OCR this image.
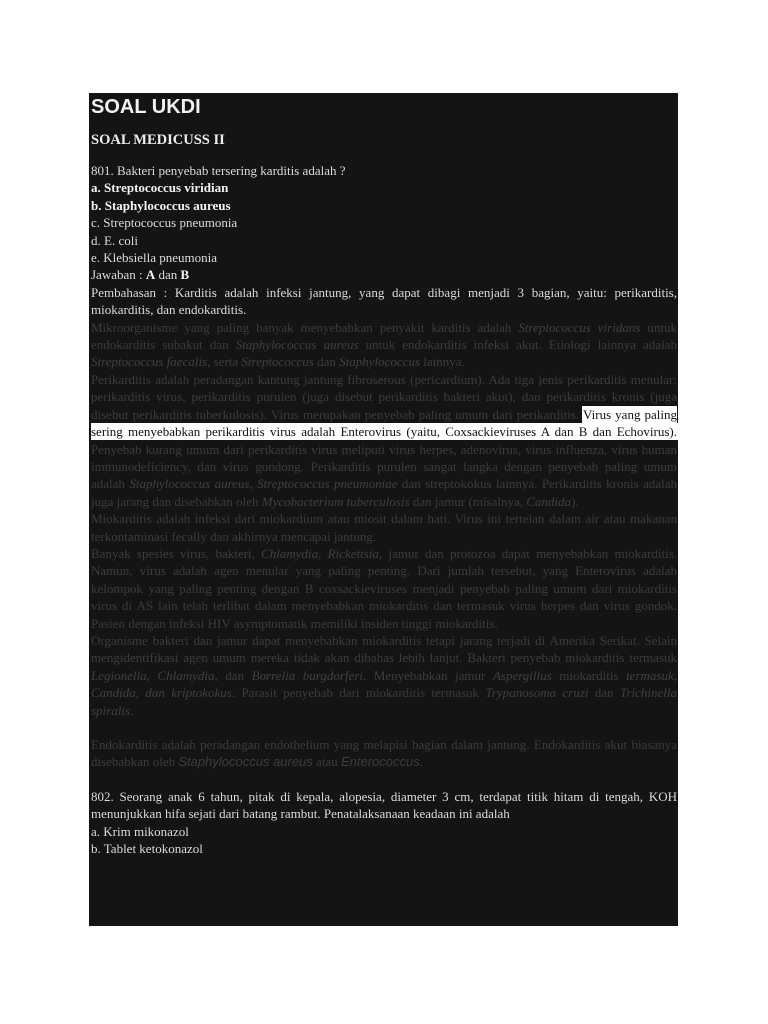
SOAL UKDI
SOAL MEDICUSS II

801. Bakteri penyebab tersering karditis adalah ?

a. Streptococcus viridian

b. Staphylococcus aureus

c. Streptococcus pneumonia

d. E. coli

e. Klebsiella pneumonia

Jawaban : A dan B

Pembahasan : Karditis adalah infeksi jantung, yang dapat dibagi menjadi 3 bagian, yaitu: perikarditis, miokarditis, dan endokarditis.

Mikroorganisme yang paling banyak menyebabkan penyakit karditis adalah Streptococcus viridans untuk endokarditis subakut dan Staphylococcus aureus untuk endokarditis infeksi akut. Etiologi lainnya adalah Streptococcus faecalis, serta Streptococcus dan Staphylococcus lainnya.

Perikarditis adalah peradangan kantung jantung fibroserous (pericardium). Ada tiga jenis perikarditis menular: perikarditis virus, perikarditis purulen (juga disebut perikarditis bakteri akut), dan perikarditis kronis (juga disebut perikarditis tuberkulosis). Virus merupakan penyebab paling umum dari perikarditis. Virus yang paling sering menyebabkan perikarditis virus adalah Enterovirus (yaitu, Coxsackieviruses A dan B dan Echovirus). Penyebab kurang umum dari perikarditis virus meliputi virus herpes, adenovirus, virus influenza, virus human immunodeficiency, dan virus gondong. Perikarditis purulen sangat langka dengan penyebab paling umum adalah Staphylococcus aureus, Streptococcus pneumoniae dan streptokokus lainnya. Perikarditis kronis adalah juga jarang dan disebabkan oleh Mycobacterium tuberculosis dan jamur (misalnya, Candida).

Miokarditis adalah infeksi dari miokardium atau miosit dalam hati. Virus ini tertelan dalam air atau makanan terkontaminasi fecally dan akhirnya mencapai jantung.

Banyak spesies virus, bakteri, Chlamydia, Rickettsia, jamur dan protozoa dapat menyebabkan miokarditis. Namun, virus adalah agen menular yang paling penting. Dari jumlah tersebut, yang Enterovirus adalah kelompok yang paling penting dengan B coxsackieviruses menjadi penyebab paling umum dari miokarditis virus di AS lain telah terlibat dalam menyebabkan miokarditis dan termasuk virus herpes dan virus gondok. Pasien dengan infeksi HIV asymptomatik memiliki insiden tinggi miokarditis.

Organisme bakteri dan jamur dapat menyebabkan miokarditis tetapi jarang terjadi di Amerika Serikat. Selain mengidentifikasi agen umum mereka tidak akan dibahas lebih lanjut. Bakteri penyebab miokarditis termasuk Legionella, Chlamydia, dan Borrelia burgdorferi. Menyebabkan jamur Aspergillus miokarditis termasuk, Candida, dan kriptokokus. Parasit penyebab dari miokarditis termasuk Trypanosoma cruzi dan Trichinella spiralis.

Endokarditis adalah peradangan endothelium yang melapisi bagian dalam jantung. Endokarditis akut biasanya disebabkan oleh Staphylococcus aureus atau Enterococcus.

802. Seorang anak 6 tahun, pitak di kepala, alopesia, diameter 3 cm, terdapat titik hitam di tengah, KOH menunjukkan hifa sejati dari batang rambut. Penatalaksanaan keadaan ini adalah

a. Krim mikonazol

b. Tablet ketokonazol
